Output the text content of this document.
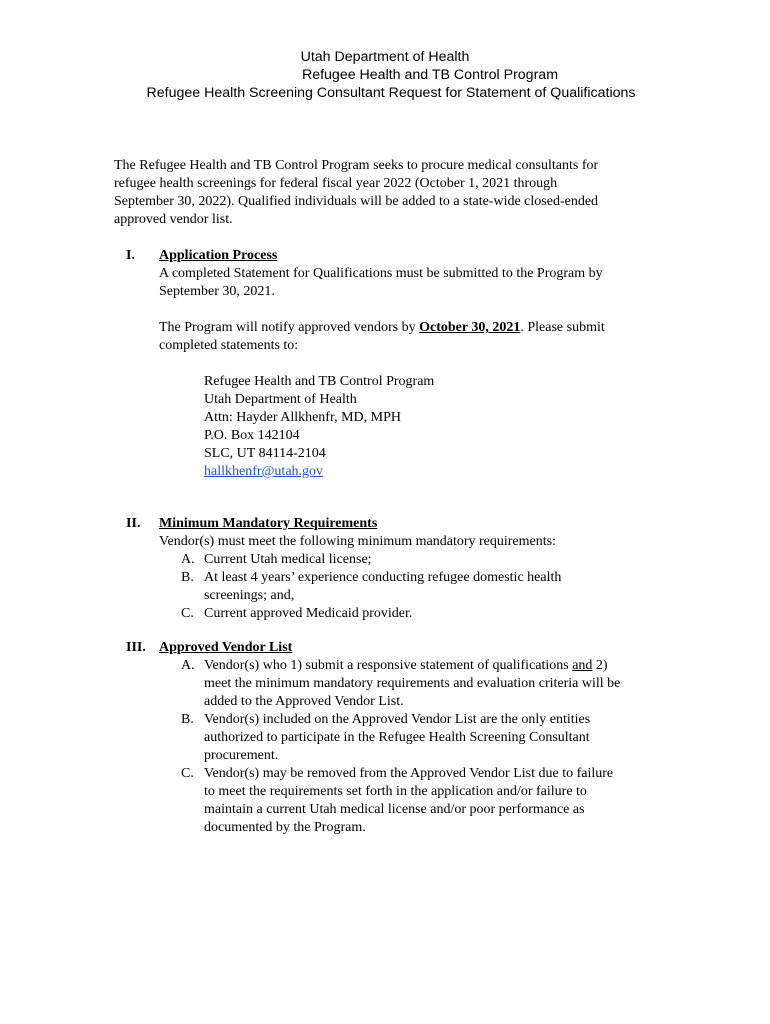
Utah Department of Health
Refugee Health and TB Control Program
Refugee Health Screening Consultant Request for Statement of Qualifications
The Refugee Health and TB Control Program seeks to procure medical consultants for
refugee health screenings for federal fiscal year 2022 (October 1, 2021 through
September 30, 2022). Qualified individuals will be added to a state-wide closed-ended
approved vendor list.
I. Application Process
A completed Statement for Qualifications must be submitted to the Program by
September 30, 2021.
The Program will notify approved vendors by October 30, 2021. Please submit
completed statements to:
Refugee Health and TB Control Program
Utah Department of Health
Attn: Hayder Allkhenfr, MD, MPH
P.O. Box 142104
SLC, UT 84114-2104
hallkhenfr@utah.gov
II. Minimum Mandatory Requirements
Vendor(s) must meet the following minimum mandatory requirements:
A. Current Utah medical license;
B. At least 4 years’ experience conducting refugee domestic health
screenings; and,
C. Current approved Medicaid provider.
III. Approved Vendor List
A. Vendor(s) who 1) submit a responsive statement of qualifications and 2)
meet the minimum mandatory requirements and evaluation criteria will be
added to the Approved Vendor List.
B. Vendor(s) included on the Approved Vendor List are the only entities
authorized to participate in the Refugee Health Screening Consultant
procurement.
C. Vendor(s) may be removed from the Approved Vendor List due to failure
to meet the requirements set forth in the application and/or failure to
maintain a current Utah medical license and/or poor performance as
documented by the Program.
